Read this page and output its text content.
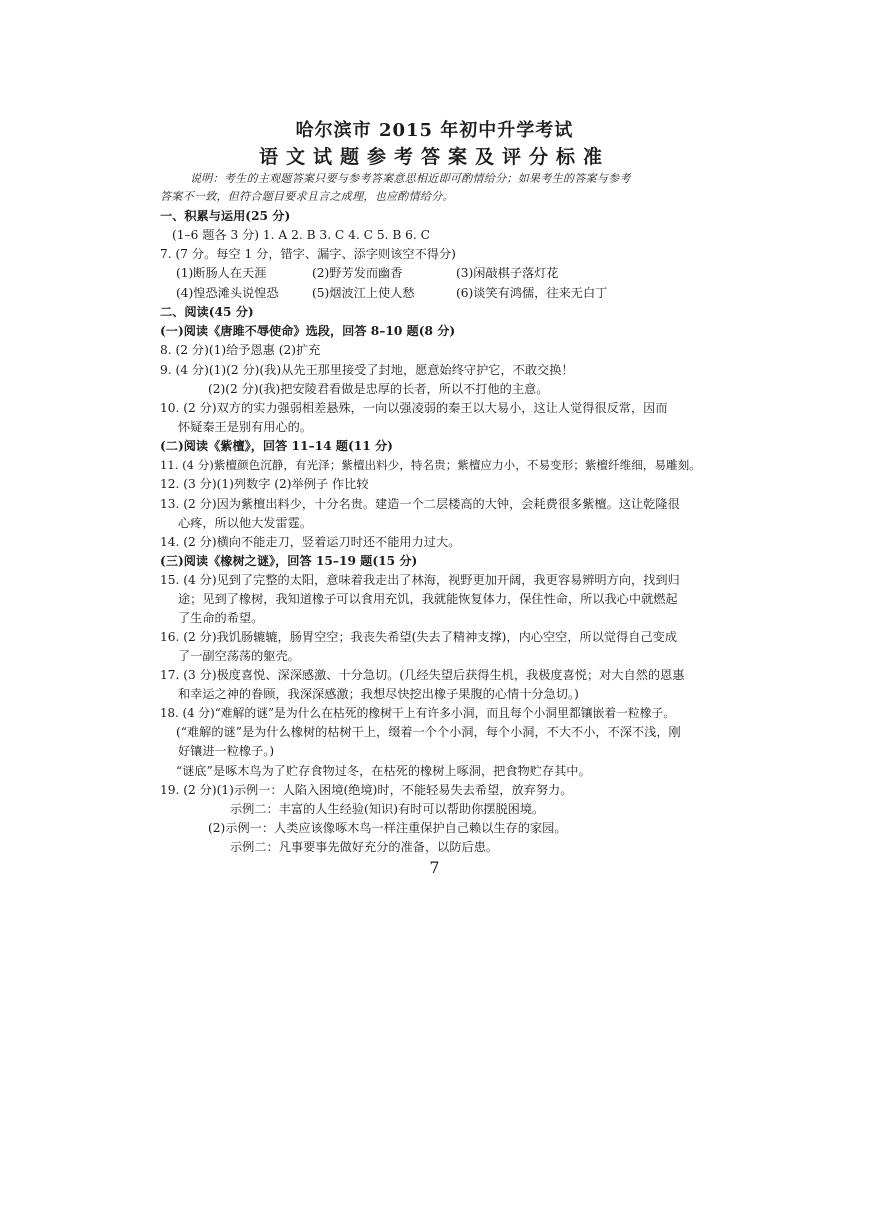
哈尔滨市 2015 年初中升学考试
语文试题参考答案及评分标准
说明：考生的主观题答案只要与参考答案意思相近即可酌情给分；如果考生的答案与参考
答案不一致，但符合题目要求且言之成理，也应酌情给分。
一、积累与运用(25 分)
(1–6 题各 3 分) 1. A 2. B 3. C 4. C 5. B 6. C
7. (7 分。每空 1 分，错字、漏字、添字则该空不得分)
(1)断肠人在天涯	(2)野芳发而幽香	(3)闲敲棋子落灯花
(4)惶恐滩头说惶恐	(5)烟波江上使人愁	(6)谈笑有鸿儒，往来无白丁
二、阅读(45 分)
(一)阅读《唐雎不辱使命》选段，回答 8–10 题(8 分)
8. (2 分)(1)给予恩惠 (2)扩充
9. (4 分)(1)(2 分)(我)从先王那里接受了封地，愿意始终守护它，不敢交换！
(2)(2 分)(我)把安陵君看做是忠厚的长者，所以不打他的主意。
10. (2 分)双方的实力强弱相差悬殊，一向以强凌弱的秦王以大易小，这让人觉得很反常，因而
怀疑秦王是别有用心的。
(二)阅读《紫檀》，回答 11–14 题(11 分)
11. (4 分)紫檀颜色沉静，有光泽；紫檀出料少，特名贵；紫檀应力小，不易变形；紫檀纤维细，易雕刻。
12. (3 分)(1)列数字 (2)举例子 作比较
13. (2 分)因为紫檀出料少，十分名贵。建造一个二层楼高的大钟，会耗费很多紫檀。这让乾隆很
心疼，所以他大发雷霆。
14. (2 分)横向不能走刀，竖着运刀时还不能用力过大。
(三)阅读《橡树之谜》，回答 15–19 题(15 分)
15. (4 分)见到了完整的太阳，意味着我走出了林海，视野更加开阔，我更容易辨明方向，找到归
途；见到了橡树，我知道橡子可以食用充饥，我就能恢复体力，保住性命，所以我心中就燃起
了生命的希望。
16. (2 分)我饥肠辘辘，肠胃空空；我丧失希望(失去了精神支撑)，内心空空，所以觉得自己变成
了一副空荡荡的躯壳。
17. (3 分)极度喜悦、深深感激、十分急切。(几经失望后获得生机，我极度喜悦；对大自然的恩惠
和幸运之神的眷顾，我深深感激；我想尽快挖出橡子果腹的心情十分急切。)
18. (4 分)“难解的谜”是为什么在枯死的橡树干上有许多小洞，而且每个小洞里都镶嵌着一粒橡子。
(“难解的谜”是为什么橡树的枯树干上，缀着一个个小洞，每个小洞，不大不小，不深不浅，刚
好镶进一粒橡子。)
“谜底”是啄木鸟为了贮存食物过冬，在枯死的橡树上啄洞，把食物贮存其中。
19. (2 分)(1)示例一：人陷入困境(绝境)时，不能轻易失去希望，放弃努力。
示例二：丰富的人生经验(知识)有时可以帮助你摆脱困境。
(2)示例一：人类应该像啄木鸟一样注重保护自己赖以生存的家园。
示例二：凡事要事先做好充分的准备，以防后患。
7
